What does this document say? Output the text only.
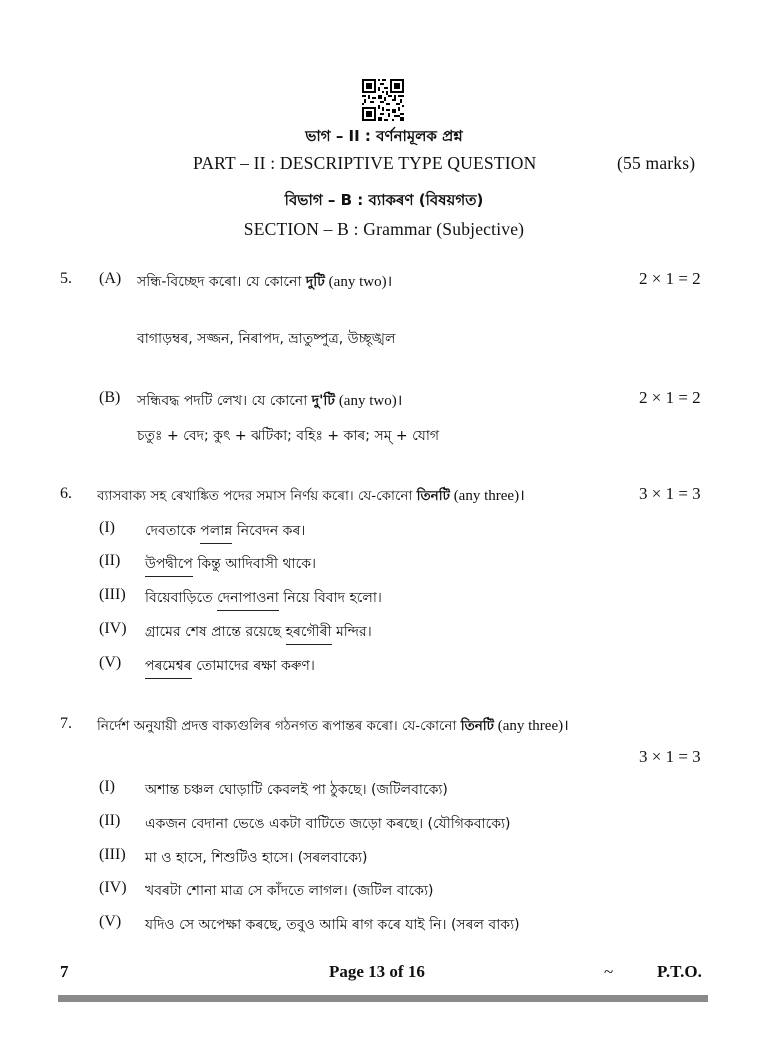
ভাগ – II : বৰ্ণনামূলক প্ৰশ্ন
PART – II : DESCRIPTIVE TYPE QUESTION	(55 marks)
বিভাগ – B : ব্যাকৰণ (বিষয়গত)
SECTION – B : Grammar (Subjective)
5. (A) সন্ধি-বিচ্ছেদ কৰো। যে কোনো দুটি (any two)।	2 × 1 = 2
বাগাড়ম্বৰ, সজ্জন, নিৰাপদ, ভ্ৰাতুষ্পুত্ৰ, উচ্ছৃঙ্খল
(B) সন্ধিবদ্ধ পদটি লেখ। যে কোনো দু'টি (any two)।	2 × 1 = 2
চতুঃ + বেদ; কুৎ + ঝটিকা; বহিঃ + কাৰ; সম্‌ + যোগ
6. ব্যাসবাক্য সহ ৰেখাঙ্কিত পদের সমাস নির্ণয় কৰো। যে-কোনো তিনটি (any three)।	3 × 1 = 3
(I) দেবতাকে পলান্ন নিবেদন কৰ।
(II) উপদ্বীপে কিন্তু আদিবাসী থাকে।
(III) বিয়েবাড়িতে দেনাপাওনা নিয়ে বিবাদ হলো।
(IV) গ্ৰামের শেষ প্ৰান্তে রয়েছে হৰগৌৰী মন্দির।
(V) পৰমেশ্বৰ তোমাদের ৰক্ষা কৰুণ।
7. নির্দেশ অনুযায়ী প্ৰদত্ত বাক্যগুলিৰ গঠনগত ৰূপান্তৰ কৰো। যে-কোনো তিনটি (any three)।
3 × 1 = 3
(I) অশান্ত চঞ্চল ঘোড়াটি কেবলই পা ঠুকছে। (জটিলবাক্যে)
(II) একজন বেদানা ভেঙে একটা বাটিতে জড়ো কৰছে। (যৌগিকবাক্যে)
(III) মা ও হাসে, শিশুটিও হাসে। (সৰলবাক্যে)
(IV) খবৰটা শোনা মাত্ৰ সে কাঁদতে লাগল। (জটিল বাক্যে)
(V) যদিও সে অপেক্ষা কৰছে, তবুও আমি ৰাগ কৰে যাই নি। (সৰল বাক্য)
7	Page 13 of 16	~	P.T.O.
